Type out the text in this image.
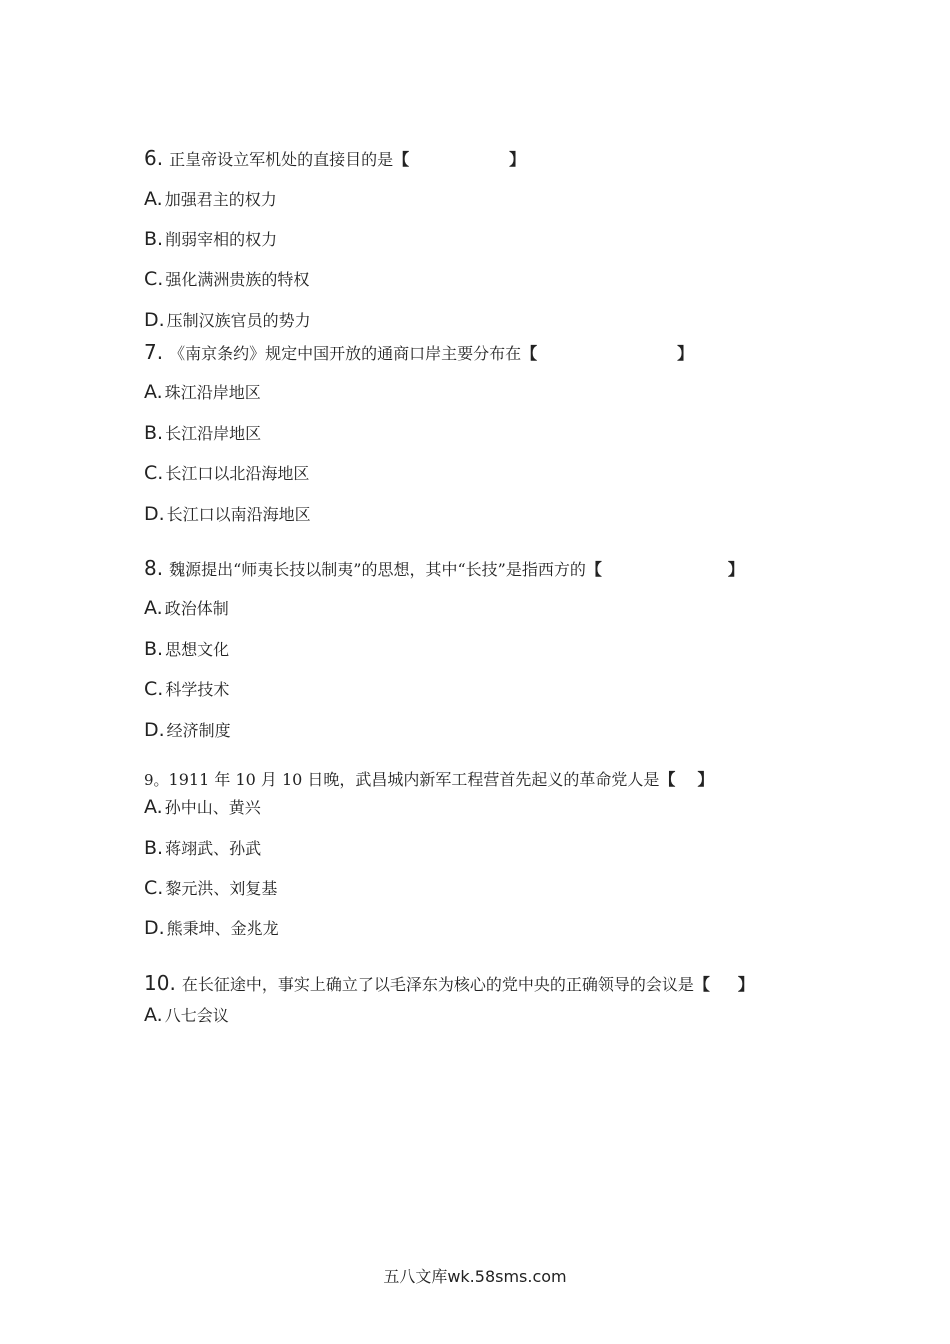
6. 正皇帝设立军机处的直接目的是【	】
A. 加强君主的权力
B. 削弱宰相的权力
C. 强化满洲贵族的特权
D. 压制汉族官员的势力
7. 《南京条约》规定中国开放的通商口岸主要分布在【	】
A. 珠江沿岸地区
B. 长江沿岸地区
C. 长江口以北沿海地区
D. 长江口以南沿海地区
8. 魏源提出“师夷长技以制夷”的思想，其中“长技”是指西方的【	】
A. 政治体制
B. 思想文化
C. 科学技术
D. 经济制度
9。1911 年 10 月 10 日晚，武昌城内新军工程营首先起义的革命党人是【 】
A. 孙中山、黄兴
B. 蒋翊武、孙武
C. 黎元洪、刘复基
D. 熊秉坤、金兆龙
10. 在长征途中，事实上确立了以毛泽东为核心的党中央的正确领导的会议是【 】
A. 八七会议
五八文库wk.58sms.com
